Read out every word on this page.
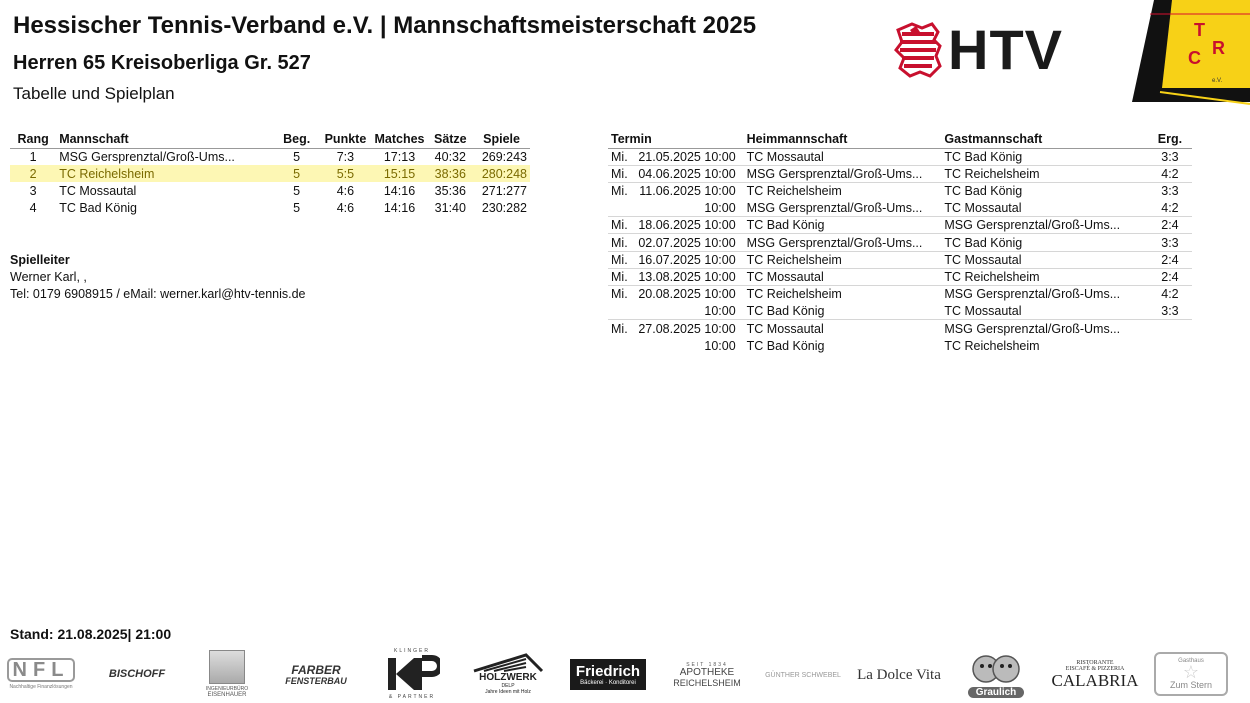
Hessischer Tennis-Verband e.V. | Mannschaftsmeisterschaft 2025
Herren 65 Kreisoberliga Gr. 527
Tabelle und Spielplan
HTV	T
C R
e.V.
Rang	Mannschaft	Beg.	Punkte	Matches	Sätze	Spiele
1	MSG Gersprenztal/Groß-Ums...	5	7:3	17:13	40:32	269:243
2	TC Reichelsheim	5	5:5	15:15	38:36	280:248
3	TC Mossautal	5	4:6	14:16	35:36	271:277
4	TC Bad König	5	4:6	14:16	31:40	230:282
Spielleiter
Werner Karl, ,
Tel: 0179 6908915 / eMail: werner.karl@htv-tennis.de
Termin		Heimmannschaft	Gastmannschaft	Erg.
Mi.	21.05.2025 10:00	TC Mossautal	TC Bad König	3:3
Mi.	04.06.2025 10:00	MSG Gersprenztal/Groß-Ums...	TC Reichelsheim	4:2
Mi.	11.06.2025 10:00	TC Reichelsheim	TC Bad König	3:3
	10:00	MSG Gersprenztal/Groß-Ums...	TC Mossautal	4:2
Mi.	18.06.2025 10:00	TC Bad König	MSG Gersprenztal/Groß-Ums...	2:4
Mi.	02.07.2025 10:00	MSG Gersprenztal/Groß-Ums...	TC Bad König	3:3
Mi.	16.07.2025 10:00	TC Reichelsheim	TC Mossautal	2:4
Mi.	13.08.2025 10:00	TC Mossautal	TC Reichelsheim	2:4
Mi.	20.08.2025 10:00	TC Reichelsheim	MSG Gersprenztal/Groß-Ums...	4:2
	10:00	TC Bad König	TC Mossautal	3:3
Mi.	27.08.2025 10:00	TC Mossautal	MSG Gersprenztal/Groß-Ums...	
	10:00	TC Bad König	TC Reichelsheim	
Stand: 21.08.2025| 21:00
NFL
Nachhaltige Finanzlösungen
BISCHOFF
INGENIEURBÜRO
EISENHAUER
FARBER
FENSTERBAU
KLINGER
& PARTNER
HOLZWERK
DELP
Jahre Ideen mit Holz
Friedrich
Bäckerei · Konditorei
SEIT 1834
APOTHEKE
REICHELSHEIM
GÜNTHER SCHWEBEL La Dolce Vita
Graulich
RISTORANTE
EISCAFÉ & PIZZERIA
CALABRIA
Gasthaus
☆
Zum Stern
